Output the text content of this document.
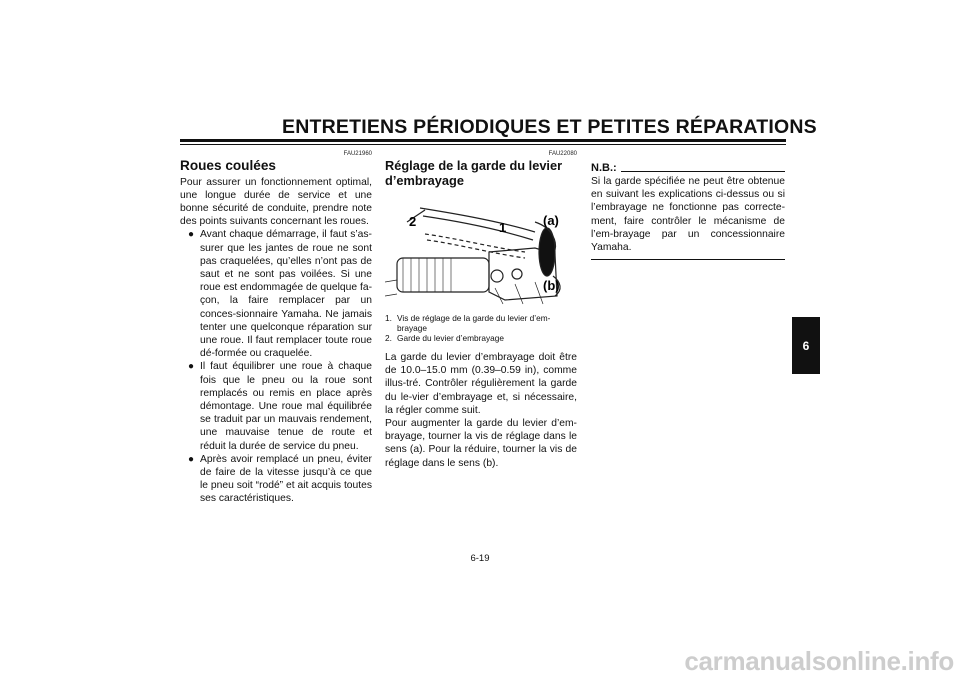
ENTRETIENS PÉRIODIQUES ET PETITES RÉPARATIONS
FAU21960
Roues coulées

Pour assurer un fonctionnement optimal, une longue durée de service et une bonne sécurité de conduite, prendre note des points suivants concernant les roues.

● Avant chaque démarrage, il faut s’as-surer que les jantes de roue ne sont pas craquelées, qu’elles n’ont pas de saut et ne sont pas voilées. Si une roue est endommagée de quelque fa-çon, la faire remplacer par un conces-sionnaire Yamaha. Ne jamais tenter une quelconque réparation sur une roue. Il faut remplacer toute roue dé-formée ou craquelée.
● Il faut équilibrer une roue à chaque fois que le pneu ou la roue sont remplacés ou remis en place après démontage. Une roue mal équilibrée se traduit par un mauvais rendement, une mauvaise tenue de route et réduit la durée de service du pneu.
● Après avoir remplacé un pneu, éviter de faire de la vitesse jusqu’à ce que le pneu soit “rodé” et ait acquis toutes ses caractéristiques.
FAU22080
Réglage de la garde du levier d’embrayage
2	1	(a)
(b)
1. Vis de réglage de la garde du levier d’em-brayage
2. Garde du levier d’embrayage

La garde du levier d’embrayage doit être de 10.0–15.0 mm (0.39–0.59 in), comme illus-tré. Contrôler régulièrement la garde du le-vier d’embrayage et, si nécessaire, la régler comme suit.

Pour augmenter la garde du levier d’em-brayage, tourner la vis de réglage dans le sens (a). Pour la réduire, tourner la vis de réglage dans le sens (b).

N.B.:

Si la garde spécifiée ne peut être obtenue en suivant les explications ci-dessus ou si l’embrayage ne fonctionne pas correcte-ment, faire contrôler le mécanisme de l’em-brayage par un concessionnaire Yamaha.

6
6-19
carmanualsonline.info
